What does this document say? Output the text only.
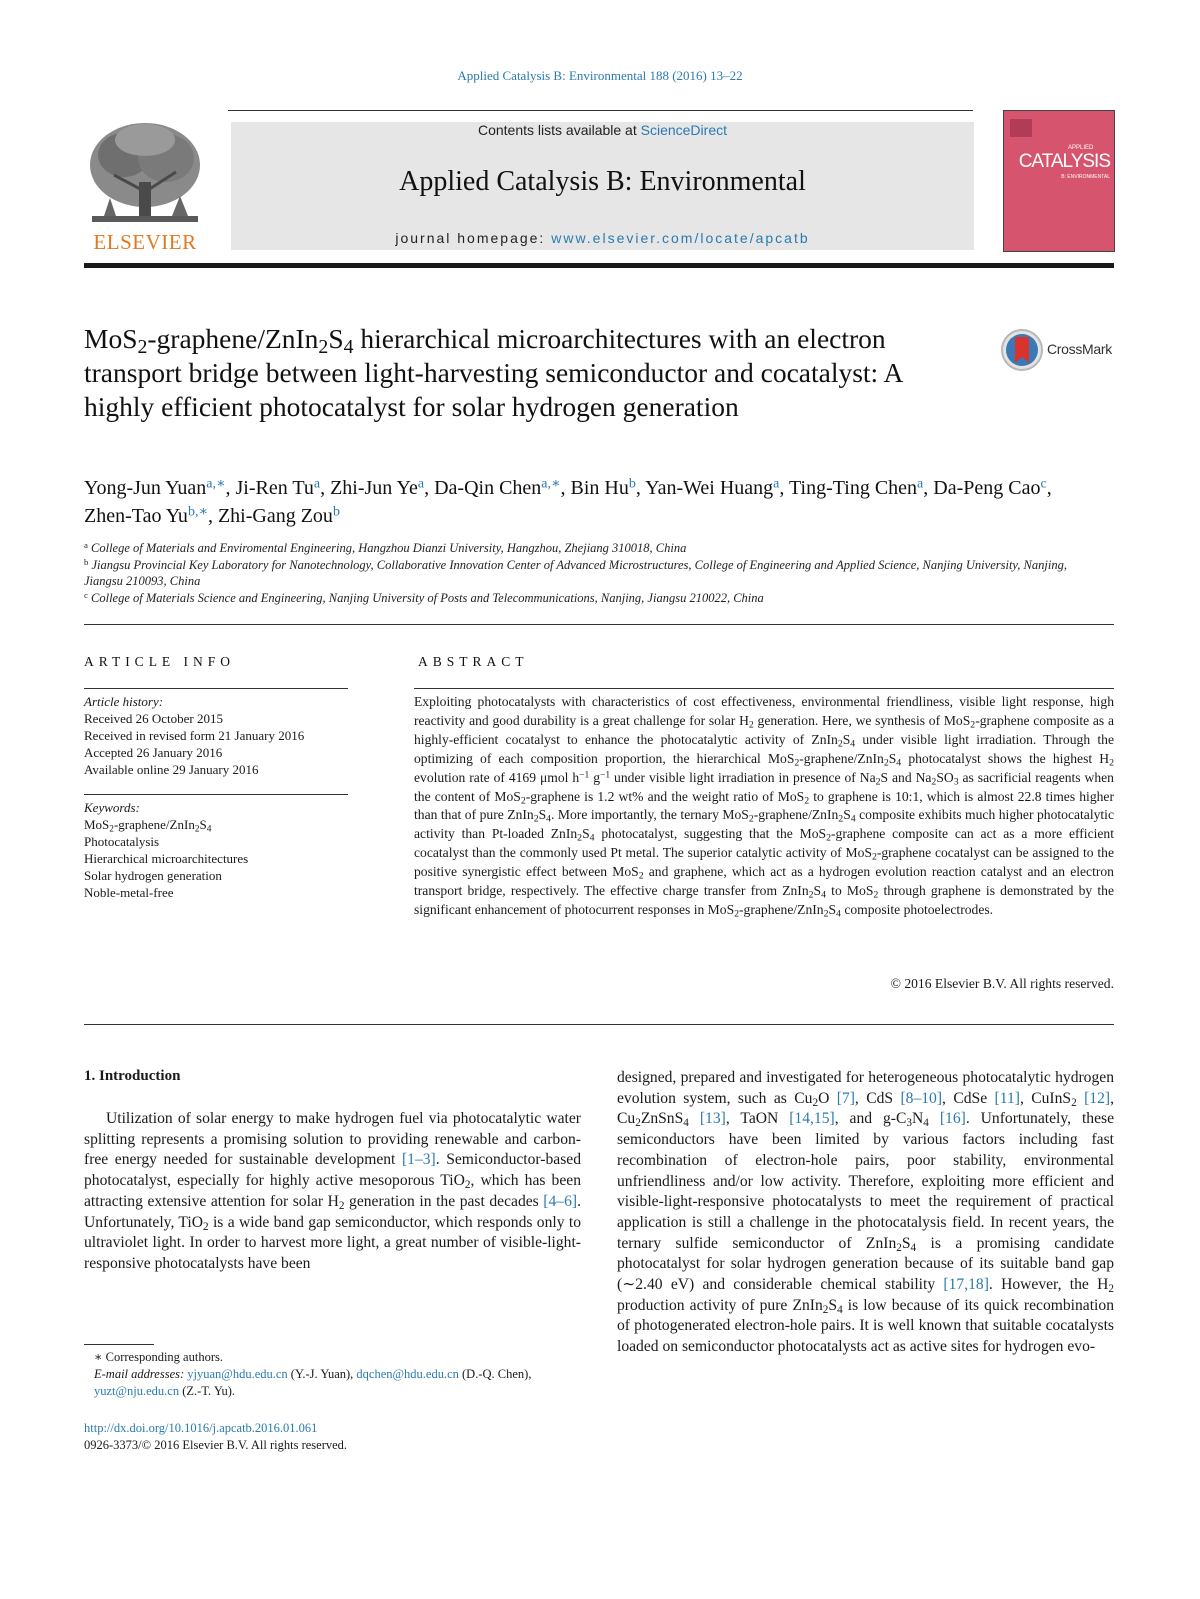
Applied Catalysis B: Environmental 188 (2016) 13–22
ELSEVIER
Contents lists available at ScienceDirect
Applied Catalysis B: Environmental
journal homepage: www.elsevier.com/locate/apcatb
APPLIED
CATALYSIS
B: ENVIRONMENTAL
$MoS_2-graphene/ZnIn_2S_4$ hierarchical microarchitectures with an electron transport bridge between light-harvesting semiconductor and cocatalyst: A highly efficient photocatalyst for solar hydrogen generation
CrossMark
Yong-Jun Yuan$^{a,∗}$, Ji-Ren Tu$^a$, Zhi-Jun Ye$^a$, Da-Qin Chen$^{a,∗}$, Bin Hu$^b$, Yan-Wei Huang$^a$, Ting-Ting Chen$^a$, Da-Peng Cao$^c$, Zhen-Tao $Yu^{b,∗}$, Zhi-Gang Zou$^b$
$^a$ College of Materials and Enviromental Engineering, Hangzhou Dianzi University, Hangzhou, Zhejiang 310018, China
$^b$ Jiangsu Provincial Key Laboratory for Nanotechnology, Collaborative Innovation Center of Advanced Microstructures, College of Engineering and Applied Science, Nanjing University, Nanjing, Jiangsu 210093, China
$^c$ College of Materials Science and Engineering, Nanjing University of Posts and Telecommunications, Nanjing, Jiangsu 210022, China
ARTICLE INFO	ABSTRACT
Article history:
Received 26 October 2015
Received in revised form 21 January 2016
Accepted 26 January 2016
Available online 29 January 2016
Keywords:
$MoS_2-graphene/ZnIn_2S_4$
Photocatalysis
Hierarchical microarchitectures
Solar hydrogen generation
Noble-metal-free
Exploiting photocatalysts with characteristics of cost effectiveness, environmental friendliness, visible light response, high reactivity and good durability is a great challenge for solar $H_2$ generation. Here, we synthesis of MoS$_2$-graphene composite as a highly-efficient cocatalyst to enhance the photocatalytic activity of $ZnIn_2S_4$ under visible light irradiation. Through the optimizing of each composition proportion, the hierarchical $MoS_2-graphene/ZnIn_2S_4$ photocatalyst shows the highest $H_2$ evolution rate of 4169 μmol $h^{-1}$ $g^{-1}$ under visible light irradiation in presence of $Na_2S$ and $Na_2SO_3$ as sacrificial reagents when the content of MoS$_2$-graphene is 1.2 wt% and the weight ratio of MoS$_2$ to graphene is 10:1, which is almost 22.8 times higher than that of pure $ZnIn_2S_4$. More importantly, the ternary $MoS_2-graphene/ZnIn_2S_4$ composite exhibits much higher photocatalytic activity than Pt-loaded $ZnIn_2S_4$ photocatalyst, suggesting that the MoS$_2$-graphene composite can act as a more efficient cocatalyst than the commonly used Pt metal. The superior catalytic activity of MoS$_2$-graphene cocatalyst can be assigned to the positive synergistic effect between MoS$_2$ and graphene, which act as a hydrogen evolution reaction catalyst and an electron transport bridge, respectively. The effective charge transfer from $ZnIn_2S_4$ to MoS$_2$ through graphene is demonstrated by the significant enhancement of photocurrent responses in $MoS_2-graphene/ZnIn_2S_4$ composite photoelectrodes.
© 2016 Elsevier B.V. All rights reserved.
1. Introduction
Utilization of solar energy to make hydrogen fuel via photocatalytic water splitting represents a promising solution to providing renewable and carbon-free energy needed for sustainable development [1–3]. Semiconductor-based photocatalyst, especially for highly active mesoporous TiO$_2$, which has been attracting extensive attention for solar $H_2$ generation in the past decades [4–6]. Unfortunately, TiO$_2$ is a wide band gap semiconductor, which responds only to ultraviolet light. In order to harvest more light, a great number of visible-light-responsive photocatalysts have been
designed, prepared and investigated for heterogeneous photocatalytic hydrogen evolution system, such as $Cu_2O$ [7], CdS [8–10], CdSe [11], CuInS$_2$ [12], $Cu_2ZnSnS_4$ [13], TaON [14,15], and $g-C_3N_4$ [16]. Unfortunately, these semiconductors have been limited by various factors including fast recombination of electron-hole pairs, poor stability, environmental unfriendliness and/or low activity. Therefore, exploiting more efficient and visible-light-responsive photocatalysts to meet the requirement of practical application is still a challenge in the photocatalysis field. In recent years, the ternary sulfide semiconductor of $ZnIn_2S_4$ is a promising candidate photocatalyst for solar hydrogen generation because of its suitable band gap (∼2.40 eV) and considerable chemical stability [17,18]. However, the $H_2$ production activity of pure $ZnIn_2S_4$ is low because of its quick recombination of photogenerated electron-hole pairs. It is well known that suitable cocatalysts loaded on semiconductor photocatalysts act as active sites for hydrogen evo-
∗ Corresponding authors.
E-mail addresses: yjyuan@hdu.edu.cn (Y.-J. Yuan), dqchen@hdu.edu.cn (D.-Q. Chen), yuzt@nju.edu.cn (Z.-T. Yu).
http://dx.doi.org/10.1016/j.apcatb.2016.01.061
0926-3373/© 2016 Elsevier B.V. All rights reserved.
